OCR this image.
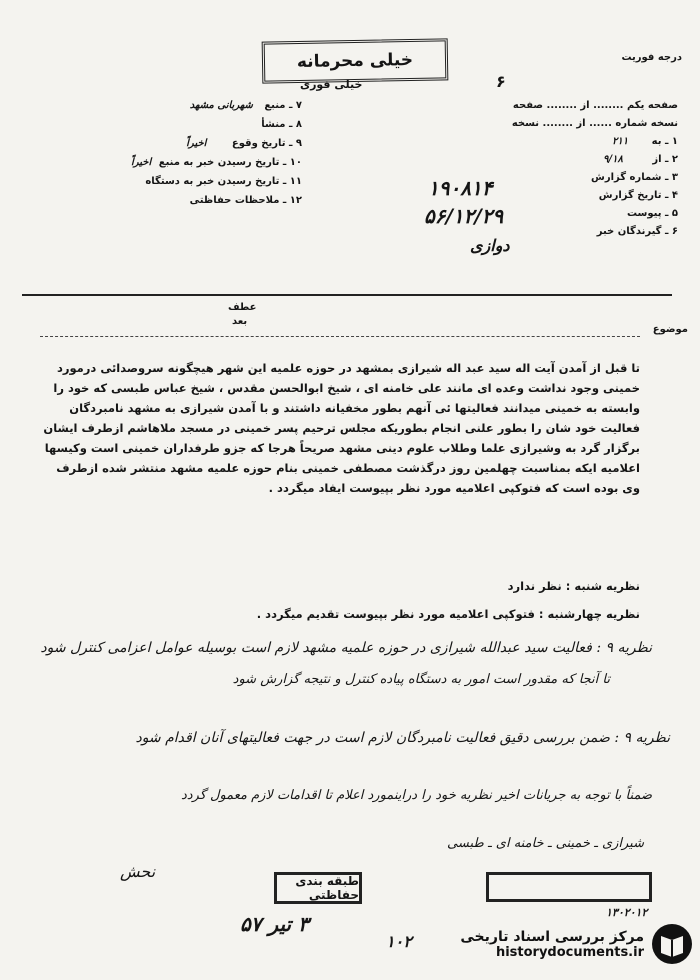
خیلی محرمانه
خیلی فوری
درجه فوریت
۶
۷ ـ منبع شهربانی مشهد
۸ ـ منشأ
۹ ـ تاریخ وقوع اخیراً
۱۰ ـ تاریخ رسیدن خبر به منبع اخیراً
۱۱ ـ تاریخ رسیدن خبر به دستگاه
۱۲ ـ ملاحظات حفاظتی
صفحه یکم ........ از ........ صفحه
نسخه شماره ...... از ........ نسخه
۱ ـ به ۲۱۱
۲ ـ از ۹/۱۸
۳ ـ شماره گزارش
۴ ـ تاریخ گزارش
۵ ـ پیوست
۶ ـ گیرندگان خبر
۱۹۰۸۱۴
۵۶/۱۲/۲۹
دوازی
عطف
بعد
موضوع
تا قبل از آمدن آیت اله سید عبد اله شیرازی بمشهد در حوزه علمیه این شهر هیچگونه سروصدائی درمورد
خمینی وجود نداشت وعده ای مانند علی خامنه ای ، شیخ ابوالحسن مقدس ، شیخ عباس طبسی که خود را
وابسته به خمینی میدانند فعالیتها ئی آنهم بطور مخفیانه داشتند و با آمدن شیرازی به مشهد نامبردگان
فعالیت خود شان را بطور علنی انجام بطوریکه مجلس ترحیم پسر خمینی در مسجد ملاهاشم ازطرف ایشان
برگزار گرد به وشیرازی علما وطلاب علوم دینی مشهد صریحاً هرجا که جزو طرفداران خمینی است وکیسها
اعلامیه ایکه بمناسبت چهلمین روز درگذشت مصطفی خمینی بنام حوزه علمیه مشهد منتشر شده ازطرف
وی بوده است که فتوکپی اعلامیه مورد نظر بپیوست ایفاد میگردد .
نظریه شنبه : نظر ندارد
نظریه چهارشنبه : فتوکپی اعلامیه مورد نظر بپیوست تقدیم میگردد .
نظریه ۹ : فعالیت سید عبدالله شیرازی در حوزه علمیه مشهد لازم است بوسیله عوامل اعزامی کنترل شود
تا آنجا که مقدور است امور به دستگاه پیاده کنترل و نتیجه گزارش شود
نظریه ۹ : ضمن بررسی دقیق فعالیت نامبردگان لازم است در جهت فعالیتهای آنان اقدام شود
ضمناً با توجه به جریانات اخیر نظریه خود را دراینمورد اعلام تا اقدامات لازم معمول گردد
شیرازی ـ خمینی ـ خامنه ای ـ طبسی
نحش	طبقه بندی حفاظتی
۱۳۰۲۰۱۲
۳ تیر ۵۷
۱۰۲	مرکز بررسی اسناد تاریخی
historydocuments.ir
